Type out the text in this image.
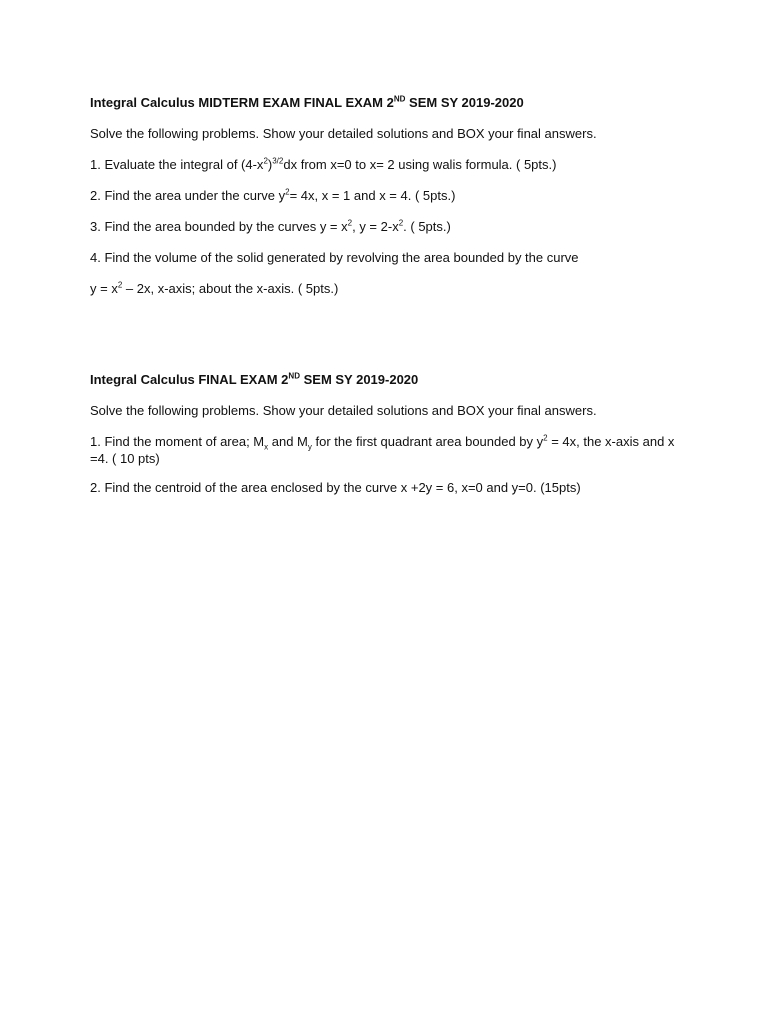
Integral Calculus MIDTERM EXAM FINAL EXAM 2ND SEM SY 2019-2020

Solve the following problems. Show your detailed solutions and BOX your final answers.

1. Evaluate the integral of $(4-x^2)^{3/2}dx$ from x=0 to x= 2 using walis formula. ( 5pts.)

2. Find the area under the curve $y^2= 4x$, x = 1 and x = 4. ( 5pts.)

3. Find the area bounded by the curves $y = x^2$, $y = 2-x^2$. ( 5pts.)

4. Find the volume of the solid generated by revolving the area bounded by the curve

$y = x^2 - 2x$, x-axis; about the x-axis. ( 5pts.)

Integral Calculus FINAL EXAM 2ND SEM SY 2019-2020

Solve the following problems. Show your detailed solutions and BOX your final answers.

1. Find the moment of area; $M_x$ and $M_y$ for the first quadrant area bounded by $y^2 = 4x$, the x-axis and x =4. ( 10 pts)

2. Find the centroid of the area enclosed by the curve x +2y = 6, x=0 and y=0. (15pts)
